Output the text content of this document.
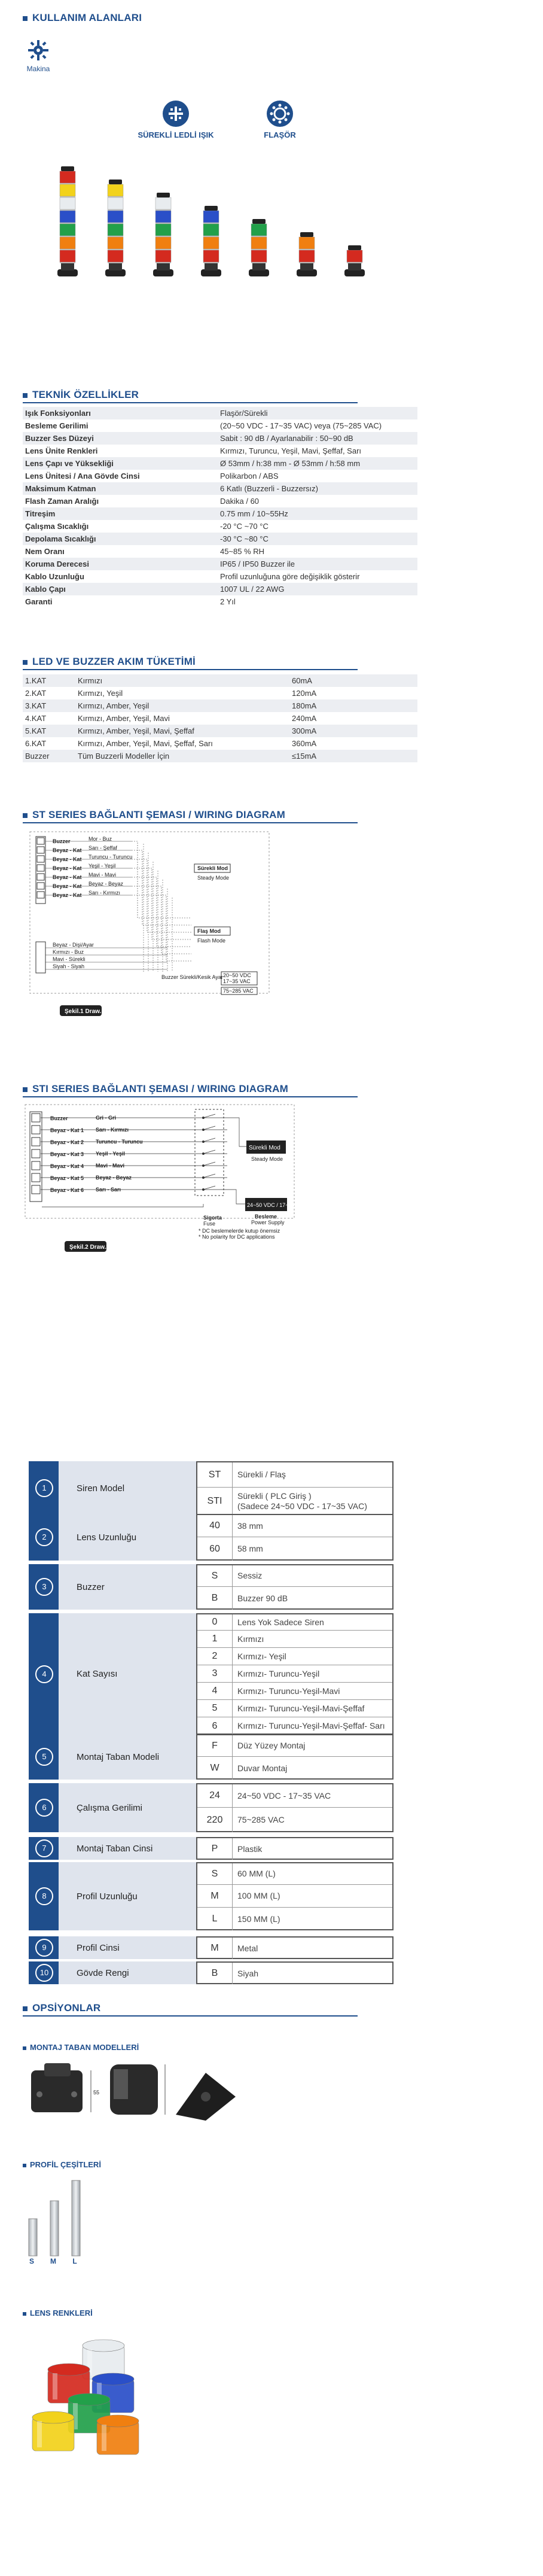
KULLANIM ALANLARI
Makina
SÜREKLİ LEDLİ IŞIK	FLAŞÖR
TEKNİK ÖZELLİKLER
Işık Fonksiyonları	Flaşör/Sürekli
Besleme Gerilimi	(20~50 VDC - 17~35 VAC) veya (75~285 VAC)
Buzzer Ses Düzeyi	Sabit : 90 dB / Ayarlanabilir : 50~90 dB
Lens Ünite Renkleri	Kırmızı, Turuncu, Yeşil, Mavi, Şeffaf, Sarı
Lens Çapı ve Yüksekliği	Ø 53mm / h:38 mm - Ø 53mm / h:58 mm
Lens Ünitesi / Ana Gövde Cinsi	Polikarbon / ABS
Maksimum Katman	6 Katlı (Buzzerli - Buzzersız)
Flash Zaman Aralığı	Dakika / 60
Titreşim	0.75 mm / 10~55Hz
Çalışma Sıcaklığı	-20 °C ~70 °C
Depolama Sıcaklığı	-30 °C ~80 °C
Nem Oranı	45~85 % RH
Koruma Derecesi	IP65 / IP50 Buzzer ile
Kablo Uzunluğu	Profil uzunluğuna göre değişiklik gösterir
Kablo Çapı	1007 UL / 22 AWG
Garanti	2 Yıl
LED VE BUZZER AKIM TÜKETİMİ
1.KAT	Kırmızı	60mA
2.KAT	Kırmızı, Yeşil	120mA
3.KAT	Kırmızı, Amber, Yeşil	180mA
4.KAT	Kırmızı, Amber, Yeşil, Mavi	240mA
5.KAT	Kırmızı, Amber, Yeşil, Mavi, Şeffaf	300mA
6.KAT	Kırmızı, Amber, Yeşil, Mavi, Şeffaf, Sarı	360mA
Buzzer	Tüm Buzzerli Modeller İçin	≤15mA
ST SERIES BAĞLANTI ŞEMASI / WIRING DIAGRAM
Buzzer	Mor - Buz
Beyaz - Kat Sarı - Şeffaf
Beyaz - Kat Turuncu - Turuncu
Beyaz - Kat Yeşil - Yeşil
Beyaz - Kat Mavi - Mavi
Beyaz - Kat Beyaz - Beyaz
Beyaz - Kat Sarı - Kırmızı
Sürekli Mod
Steady Mode
Flaş Mod
Flash Mode
20~50 VDC
17~35 VAC
75~285 VAC
Buzzer Sürekli/Kesik Ayar
Beyaz - Dişi/Ayar
Kırmızı - Buz
Mavi - Sürekli
Siyah - Siyah
Şekil.1 Draw.1
STI SERIES BAĞLANTI ŞEMASI / WIRING DIAGRAM
Buzzer	Gri - Gri
Beyaz - Kat 1 Sarı - Kırmızı
Beyaz - Kat 2 Turuncu - Turuncu
Beyaz - Kat 3 Yeşil - Yeşil
Beyaz - Kat 4 Mavi - Mavi
Beyaz - Kat 5 Beyaz - Beyaz
Beyaz - Kat 6 Sarı - Sarı
Sürekli Mod
Steady Mode
24~50 VDC / 17~35 VAC
Besleme
Power Supply
Sigorta
Fuse
* DC beslemelerde kutup önemsiz
* No polarity for DC applications
Şekil.2 Draw.2
1	Siren Model
ST	Sürekli / Flaş
STI	Sürekli ( PLC Giriş )
(Sadece 24~50 VDC - 17~35 VAC)
2	Lens Uzunluğu
40	38 mm
60	58 mm
3	Buzzer
S	Sessiz
B	Buzzer 90 dB
4	Kat Sayısı
0	Lens Yok Sadece Siren
1	Kırmızı
2	Kırmızı- Yeşil
3	Kırmızı- Turuncu-Yeşil
4	Kırmızı- Turuncu-Yeşil-Mavi
5	Kırmızı- Turuncu-Yeşil-Mavi-Şeffaf
6	Kırmızı- Turuncu-Yeşil-Mavi-Şeffaf- Sarı
5	Montaj Taban Modeli
F	Düz Yüzey Montaj
W	Duvar Montaj
6	Çalışma Gerilimi
24	24~50 VDC - 17~35 VAC
220	75~285 VAC
7	Montaj Taban Cinsi	P	Plastik
8	Profil Uzunluğu
S	60 MM (L)
M	100 MM (L)
L	150 MM (L)
9	Profil Cinsi	M	Metal
10	Gövde Rengi	B	Siyah
OPSİYONLAR
MONTAJ TABAN MODELLERİ
55
PROFİL ÇEŞİTLERİ
S M L
LENS RENKLERİ
